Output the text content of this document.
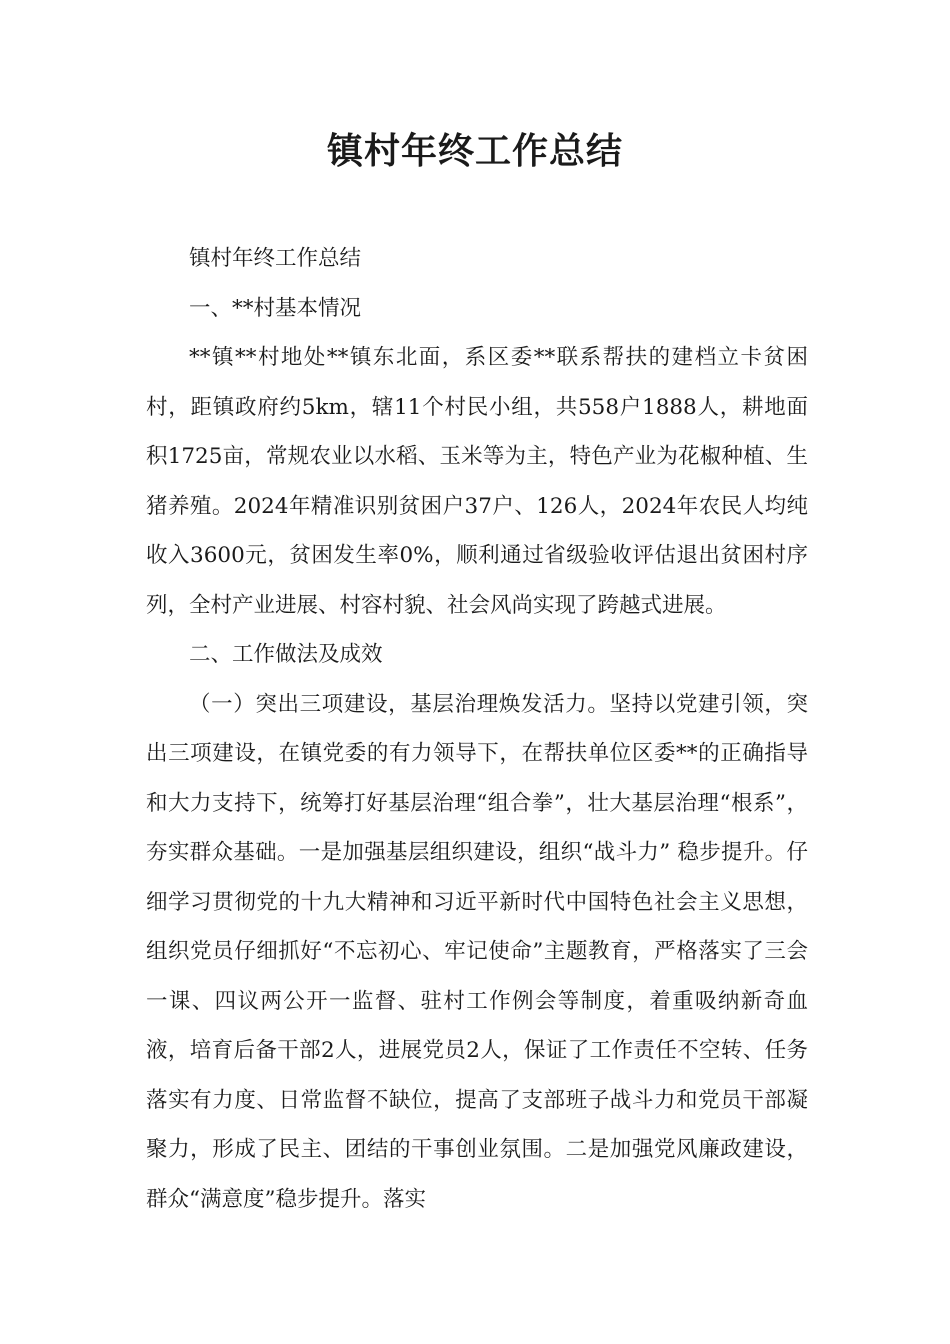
镇村年终工作总结

镇村年终工作总结

一、**村基本情况

**镇**村地处**镇东北面，系区委**联系帮扶的建档立卡贫困村，距镇政府约5km，辖11个村民小组，共558户1888人，耕地面积1725亩，常规农业以水稻、玉米等为主，特色产业为花椒种植、生猪养殖。2024年精准识别贫困户37户、126人，2024年农民人均纯收入3600元，贫困发生率0%，顺利通过省级验收评估退出贫困村序列，全村产业进展、村容村貌、社会风尚实现了跨越式进展。

二、工作做法及成效

（一）突出三项建设，基层治理焕发活力。坚持以党建引领，突出三项建设，在镇党委的有力领导下，在帮扶单位区委**的正确指导和大力支持下，统筹打好基层治理“组合拳”，壮大基层治理“根系”，夯实群众基础。一是加强基层组织建设，组织“战斗力” 稳步提升。仔细学习贯彻党的十九大精神和习近平新时代中国特色社会主义思想，组织党员仔细抓好“不忘初心、牢记使命”主题教育，严格落实了三会一课、四议两公开一监督、驻村工作例会等制度，着重吸纳新奇血液，培育后备干部2人，进展党员2人，保证了工作责任不空转、任务落实有力度、日常监督不缺位，提高了支部班子战斗力和党员干部凝聚力，形成了民主、团结的干事创业氛围。二是加强党风廉政建设，群众“满意度”稳步提升。落实
